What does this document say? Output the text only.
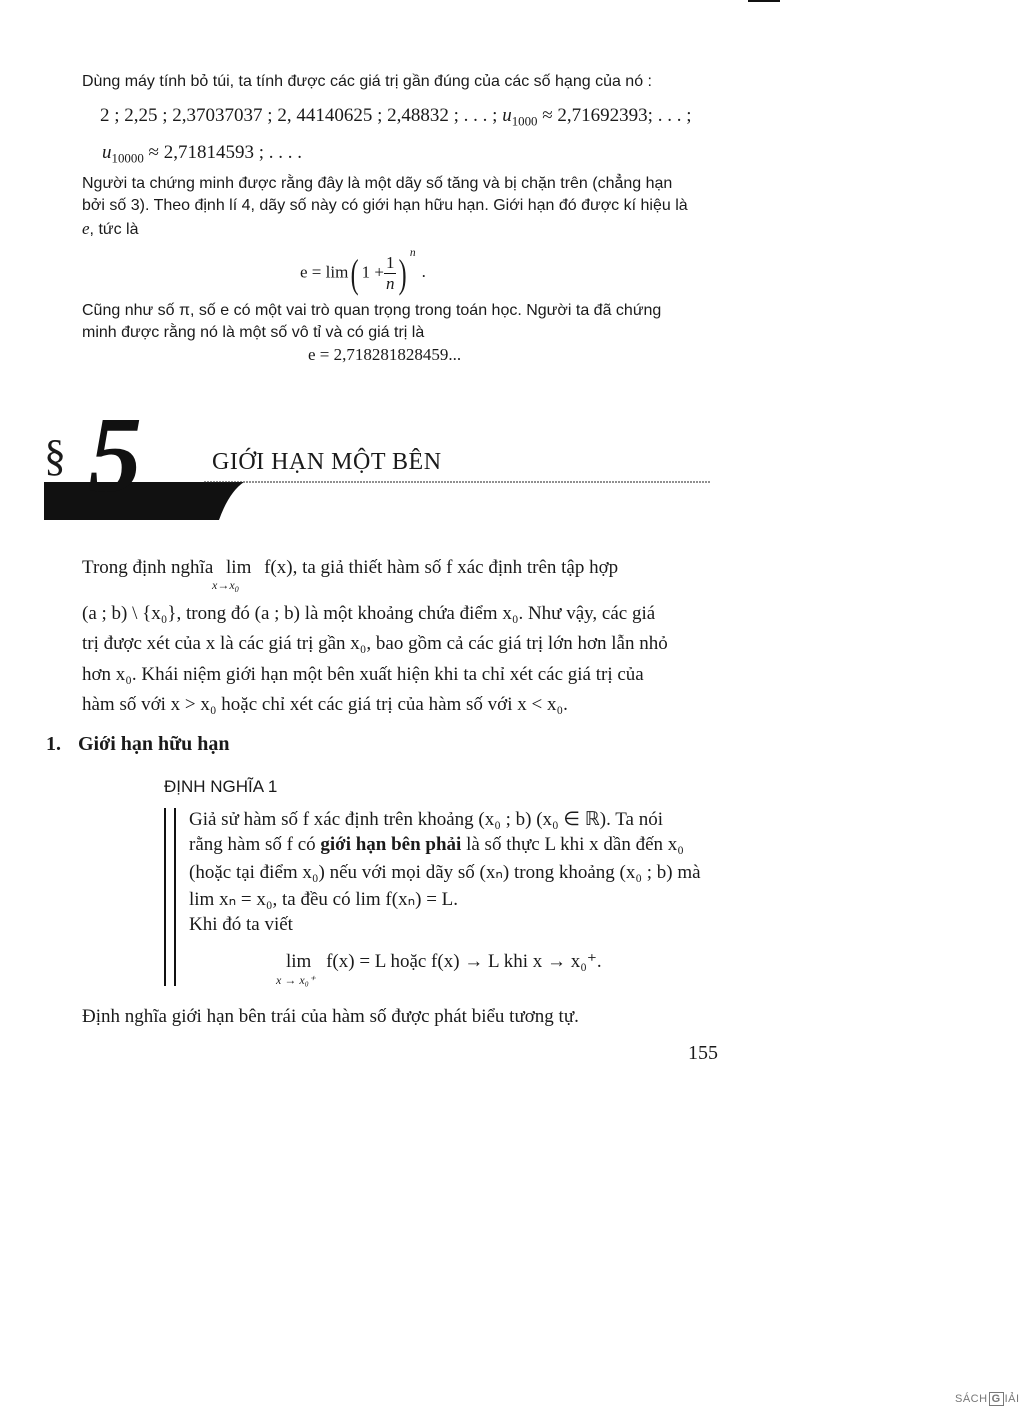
Dùng máy tính bỏ túi, ta tính được các giá trị gần đúng của các số hạng của nó :
2 ; 2,25 ; 2,37037037 ; 2, 44140625 ; 2,48832 ; . . . ; $u_{1000} \approx 2,71692393$; . . . ;
$u_{10000} \approx 2,71814593$ ; . . . .
Người ta chứng minh được rằng đây là một dãy số tăng và bị chặn trên (chẳng hạn
bởi số 3). Theo định lí 4, dãy số này có giới hạn hữu hạn. Giới hạn đó được kí hiệu là
e, tức là
e = lim( $1 + \frac{1}{n}$ ) $^n$.
Cũng như số π, số e có một vai trò quan trọng trong toán học. Người ta đã chứng
minh được rằng nó là một số vô tỉ và có giá trị là
e = 2,718281828459...
§ 5	GIỚI HẠN MỘT BÊN
Trong định nghĩa lim
$x\to x_0$
f(x), ta giả thiết hàm số f xác định trên tập hợp
(a ; b) \ {x₀}, trong đó (a ; b) là một khoảng chứa điểm x₀. Như vậy, các giá
trị được xét của x là các giá trị gần x₀, bao gồm cả các giá trị lớn hơn lẫn nhỏ
hơn x₀. Khái niệm giới hạn một bên xuất hiện khi ta chỉ xét các giá trị của
hàm số với x > x₀ hoặc chỉ xét các giá trị của hàm số với x < x₀.
1. Giới hạn hữu hạn
ĐỊNH NGHĨA 1
Giả sử hàm số f xác định trên khoảng (x₀ ; b) (x₀ ∈ ℝ). Ta nói
rằng hàm số f có giới hạn bên phải là số thực L khi x dần đến x₀
(hoặc tại điểm x₀) nếu với mọi dãy số (xₙ) trong khoảng (x₀ ; b) mà
lim xₙ = x₀, ta đều có lim f(xₙ) = L.
Khi đó ta viết
lim
x → x₀⁺
f(x) = L hoặc f(x) → L khi x → x₀⁺.
Định nghĩa giới hạn bên trái của hàm số được phát biểu tương tự.
155
SÁCH G IẢI
